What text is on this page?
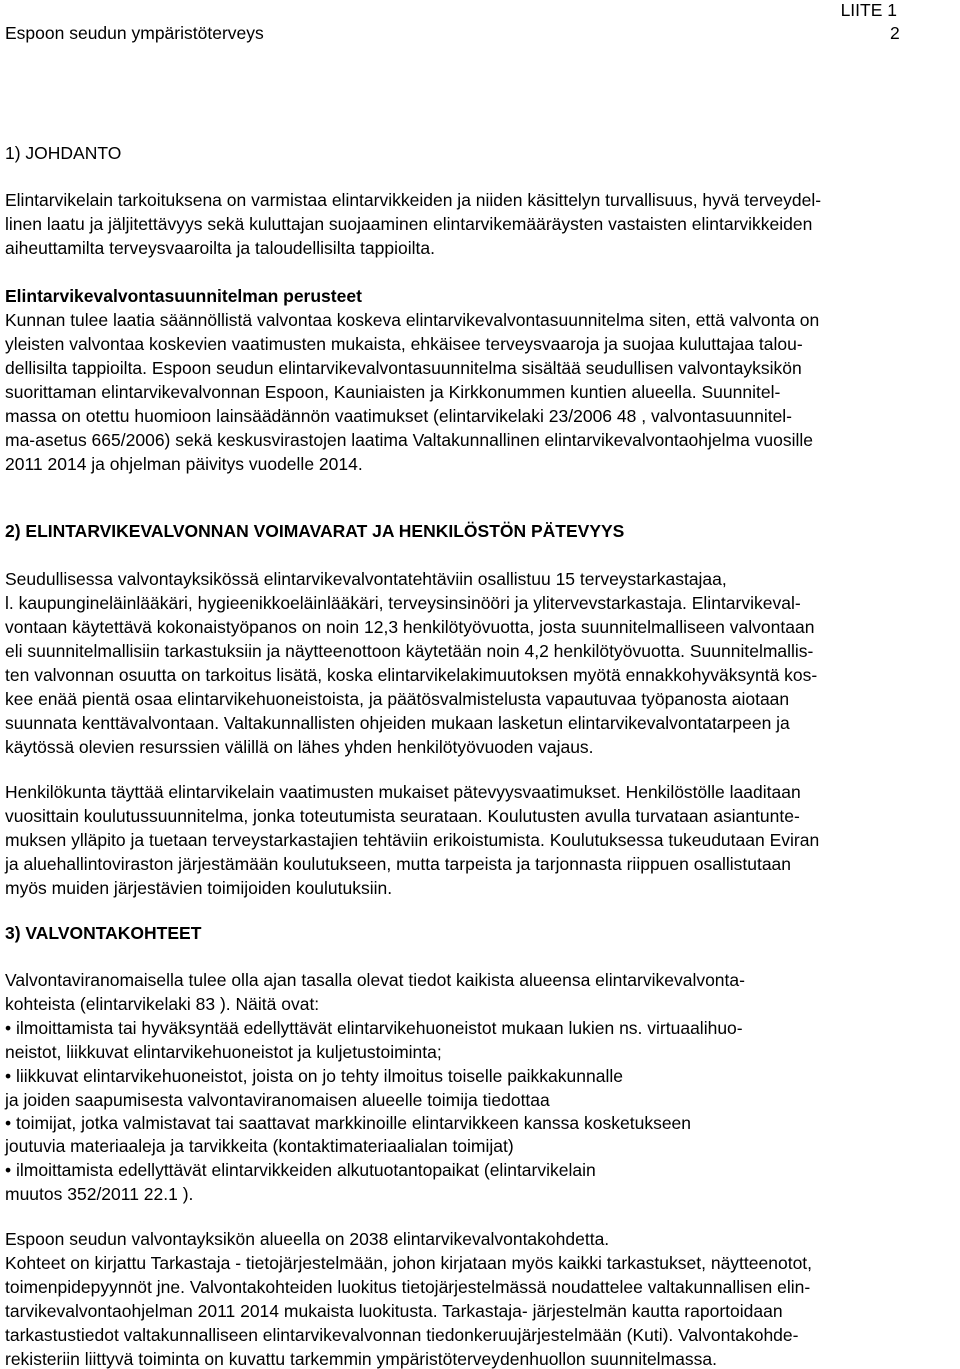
LIITE 1
Espoon seudun ympäristöterveys	2
1) JOHDANTO
Elintarvikelain tarkoituksena on varmistaa elintarvikkeiden ja niiden käsittelyn turvallisuus, hyvä terveydel-
linen laatu ja jäljitettävyys sekä kuluttajan suojaaminen elintarvikemääräysten vastaisten elintarvikkeiden
aiheuttamilta terveysvaaroilta ja taloudellisilta tappioilta.
Elintarvikevalvontasuunnitelman perusteet
Kunnan tulee laatia säännöllistä valvontaa koskeva elintarvikevalvontasuunnitelma siten, että valvonta on
yleisten valvontaa koskevien vaatimusten mukaista, ehkäisee terveysvaaroja ja suojaa kuluttajaa talou-
dellisilta tappioilta. Espoon seudun elintarvikevalvontasuunnitelma sisältää seudullisen valvontayksikön
suorittaman elintarvikevalvonnan Espoon, Kauniaisten ja Kirkkonummen kuntien alueella. Suunnitel-
massa on otettu huomioon lainsäädännön vaatimukset (elintarvikelaki 23/2006 48 , valvontasuunnitel-
ma-asetus 665/2006) sekä keskusvirastojen laatima Valtakunnallinen elintarvikevalvontaohjelma vuosille
2011 2014 ja ohjelman päivitys vuodelle 2014.
2) ELINTARVIKEVALVONNAN VOIMAVARAT JA HENKILÖSTÖN PÄTEVYYS
Seudullisessa valvontayksikössä elintarvikevalvontatehtäviin osallistuu 15 terveystarkastajaa,
l. kaupungineläinlääkäri, hygieenikkoeläinlääkäri, terveysinsinööri ja ylitervevstarkastaja. Elintarvikeval-
vontaan käytettävä kokonaistyöpanos on noin 12,3 henkilötyövuotta, josta suunnitelmalliseen valvontaan
eli suunnitelmallisiin tarkastuksiin ja näytteenottoon käytetään noin 4,2 henkilötyövuotta. Suunnitelmallis-
ten valvonnan osuutta on tarkoitus lisätä, koska elintarvikelakimuutoksen myötä ennakkohyväksyntä kos-
kee enää pientä osaa elintarvikehuoneistoista, ja päätösvalmistelusta vapautuvaa työpanosta aiotaan
suunnata kenttävalvontaan. Valtakunnallisten ohjeiden mukaan lasketun elintarvikevalvontatarpeen ja
käytössä olevien resurssien välillä on lähes yhden henkilötyövuoden vajaus.
Henkilökunta täyttää elintarvikelain vaatimusten mukaiset pätevyysvaatimukset. Henkilöstölle laaditaan
vuosittain koulutussuunnitelma, jonka toteutumista seurataan. Koulutusten avulla turvataan asiantunte-
muksen ylläpito ja tuetaan terveystarkastajien tehtäviin erikoistumista. Koulutuksessa tukeudutaan Eviran
ja aluehallintoviraston järjestämään koulutukseen, mutta tarpeista ja tarjonnasta riippuen osallistutaan
myös muiden järjestävien toimijoiden koulutuksiin.
3) VALVONTAKOHTEET
Valvontaviranomaisella tulee olla ajan tasalla olevat tiedot kaikista alueensa elintarvikevalvonta-
kohteista (elintarvikelaki 83 ). Näitä ovat:
• ilmoittamista tai hyväksyntää edellyttävät elintarvikehuoneistot mukaan lukien ns. virtuaalihuo-
neistot, liikkuvat elintarvikehuoneistot ja kuljetustoiminta;
• liikkuvat elintarvikehuoneistot, joista on jo tehty ilmoitus toiselle paikkakunnalle
ja joiden saapumisesta valvontaviranomaisen alueelle toimija tiedottaa
• toimijat, jotka valmistavat tai saattavat markkinoille elintarvikkeen kanssa kosketukseen
joutuvia materiaaleja ja tarvikkeita (kontaktimateriaalialan toimijat)
• ilmoittamista edellyttävät elintarvikkeiden alkutuotantopaikat (elintarvikelain
muutos 352/2011 22.1 ).
Espoon seudun valvontayksikön alueella on 2038 elintarvikevalvontakohdetta.
Kohteet on kirjattu Tarkastaja - tietojärjestelmään, johon kirjataan myös kaikki tarkastukset, näytteenotot,
toimenpidepyynnöt jne. Valvontakohteiden luokitus tietojärjestelmässä noudattelee valtakunnallisen elin-
tarvikevalvontaohjelman 2011 2014 mukaista luokitusta. Tarkastaja- järjestelmän kautta raportoidaan
tarkastustiedot valtakunnalliseen elintarvikevalvonnan tiedonkeruujärjestelmään (Kuti). Valvontakohde-
rekisteriin liittyvä toiminta on kuvattu tarkemmin ympäristöterveydenhuollon suunnitelmassa.
